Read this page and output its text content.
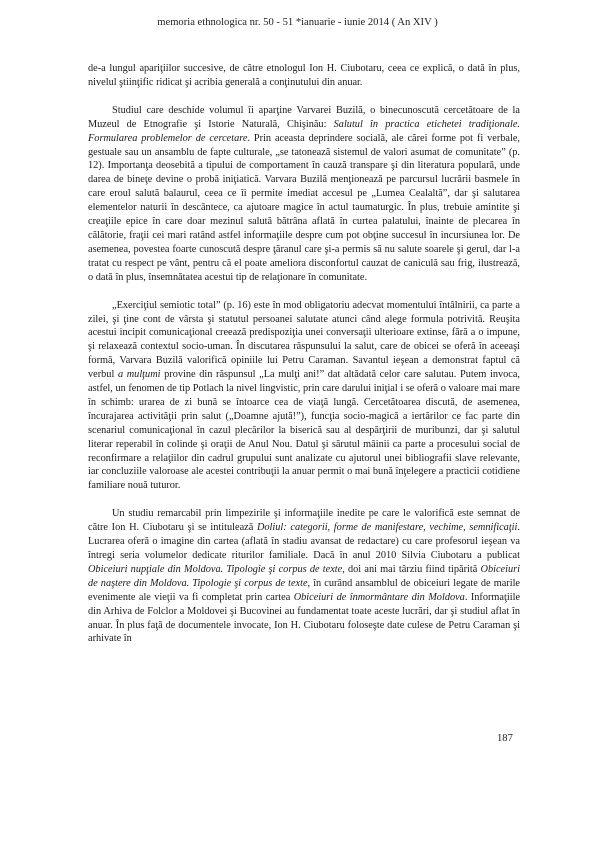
memoria ethnologica nr. 50 - 51 *ianuarie - iunie 2014 ( An XIV )

de-a lungul apariţiilor succesive, de către etnologul Ion H. Ciubotaru, ceea ce explică, o dată în plus, nivelul ştiinţific ridicat şi acribia generală a conţinutului din anuar.

Studiul care deschide volumul îi aparţine Varvarei Buzilă, o binecunoscută cercetătoare de la Muzeul de Etnografie şi Istorie Naturală, Chişinău: Salutul în practica etichetei tradiţionale. Formularea problemelor de cercetare. Prin aceasta deprindere socială, ale cărei forme pot fi verbale, gestuale sau un ansamblu de fapte culturale, „se tatonează sistemul de valori asumat de comunitate” (p. 12). Importanţa deosebită a tipului de comportament în cauză transpare şi din literatura populară, unde darea de bineţe devine o probă iniţiatică. Varvara Buzilă menţionează pe parcursul lucrării basmele în care eroul salută balaurul, ceea ce îi permite imediat accesul pe „Lumea Cealaltă”, dar şi salutarea elementelor naturii în descântece, ca ajutoare magice în actul taumaturgic. În plus, trebuie amintite şi creaţiile epice în care doar mezinul salută bătrâna aflată în curtea palatului, înainte de plecarea în călătorie, fraţii cei mari ratând astfel informaţiile despre cum pot obţine succesul în incursiunea lor. De asemenea, povestea foarte cunoscută despre ţăranul care şi-a permis să nu salute soarele şi gerul, dar l-a tratat cu respect pe vânt, pentru că el poate ameliora disconfortul cauzat de caniculă sau frig, ilustrează, o dată în plus, însemnătatea acestui tip de relaţionare în comunitate.

„Exerciţiul semiotic total” (p. 16) este în mod obligatoriu adecvat momentului întâlnirii, ca parte a zilei, şi ţine cont de vârsta şi statutul persoanei salutate atunci când alege formula potrivită. Reuşita acestui incipit comunicaţional creează predispoziţia unei conversaţii ulterioare extinse, fără a o impune, şi relaxează contextul socio-uman. În discutarea răspunsului la salut, care de obicei se oferă în aceeaşi formă, Varvara Buzilă valorifică opiniile lui Petru Caraman. Savantul ieşean a demonstrat faptul că verbul a mulţumi provine din răspunsul „La mulţi ani!” dat altădată celor care salutau. Putem invoca, astfel, un fenomen de tip Potlach la nivel lingvistic, prin care darului iniţial i se oferă o valoare mai mare în schimb: urarea de zi bună se întoarce cea de viaţă lungă. Cercetătoarea discută, de asemenea, încurajarea activităţii prin salut („Doamne ajută!”), funcţia socio-magică a iertărilor ce fac parte din scenariul comunicaţional în cazul plecărilor la biserică sau al despărţirii de muribunzi, dar şi salutul literar reperabil în colinde şi oraţii de Anul Nou. Datul şi sărutul mâinii ca parte a procesului social de reconfirmare a relaţiilor din cadrul grupului sunt analizate cu ajutorul unei bibliografii slave relevante, iar concluziile valoroase ale acestei contribuţii la anuar permit o mai bună înţelegere a practicii cotidiene familiare nouă tuturor.

Un studiu remarcabil prin limpezirile şi informaţiile inedite pe care le valorifică este semnat de către Ion H. Ciubotaru şi se intitulează Doliul: categorii, forme de manifestare, vechime, semnificaţii. Lucrarea oferă o imagine din cartea (aflată în stadiu avansat de redactare) cu care profesorul ieşean va întregi seria volumelor dedicate riturilor familiale. Dacă în anul 2010 Silvia Ciubotaru a publicat Obiceiuri nupţiale din Moldova. Tipologie şi corpus de texte, doi ani mai târziu fiind tipărită Obiceiuri de naştere din Moldova. Tipologie şi corpus de texte, în curând ansamblul de obiceiuri legate de marile evenimente ale vieţii va fi completat prin cartea Obiceiuri de înmormântare din Moldova. Informaţiile din Arhiva de Folclor a Moldovei şi Bucovinei au fundamentat toate aceste lucrări, dar şi studiul aflat în anuar. În plus faţă de documentele invocate, Ion H. Ciubotaru foloseşte date culese de Petru Caraman şi arhivate în

187
